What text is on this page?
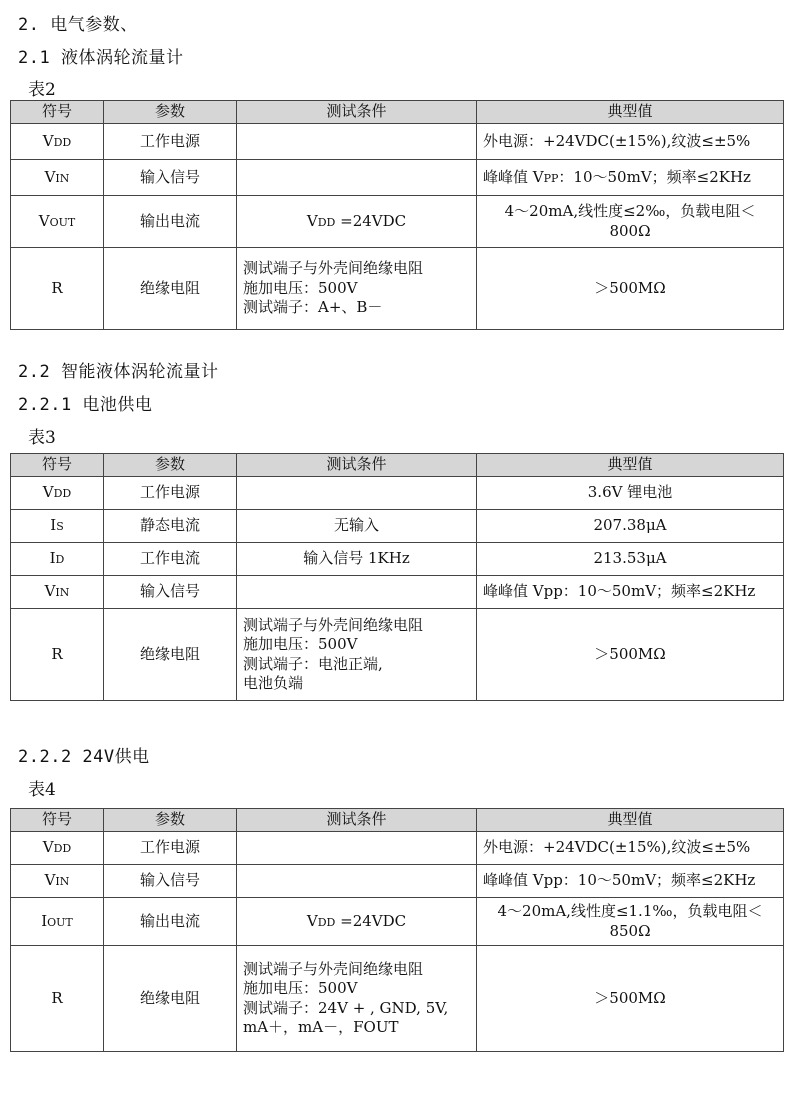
2. 电气参数、
2.1 液体涡轮流量计
表2
符号	参数	测试条件	典型值
VDD	工作电源		外电源：+24VDC(±15%),纹波≤±5%
VIN	输入信号		峰峰值 VPP：10～50mV；频率≤2KHz
VOUT	输出电流	VDD =24VDC	4～20mA,线性度≤2‰，负载电阻＜
800Ω

R	绝缘电阻	测试端子与外壳间绝缘电阻
施加电压：500V
测试端子：A+、B－	＞500MΩ
2.2 智能液体涡轮流量计
2.2.1 电池供电
表3
符号	参数	测试条件	典型值
VDD	工作电源		3.6V 锂电池
IS	静态电流	无输入	207.38μA
ID	工作电流	输入信号 1KHz	213.53μA
VIN	输入信号		峰峰值 Vpp：10～50mV；频率≤2KHz
R	绝缘电阻	测试端子与外壳间绝缘电阻
施加电压：500V
测试端子：电池正端,
电池负端	＞500MΩ
2.2.2 24V供电
表4
符号	参数	测试条件	典型值
VDD	工作电源		外电源：+24VDC(±15%),纹波≤±5%
VIN	输入信号		峰峰值 Vpp：10～50mV；频率≤2KHz
IOUT	输出电流	VDD =24VDC	4～20mA,线性度≤1.1‰，负载电阻＜
850Ω

R	绝缘电阻	测试端子与外壳间绝缘电阻
施加电压：500V
测试端子：24V + , GND, 5V,
mA＋，mA－，FOUT	＞500MΩ
